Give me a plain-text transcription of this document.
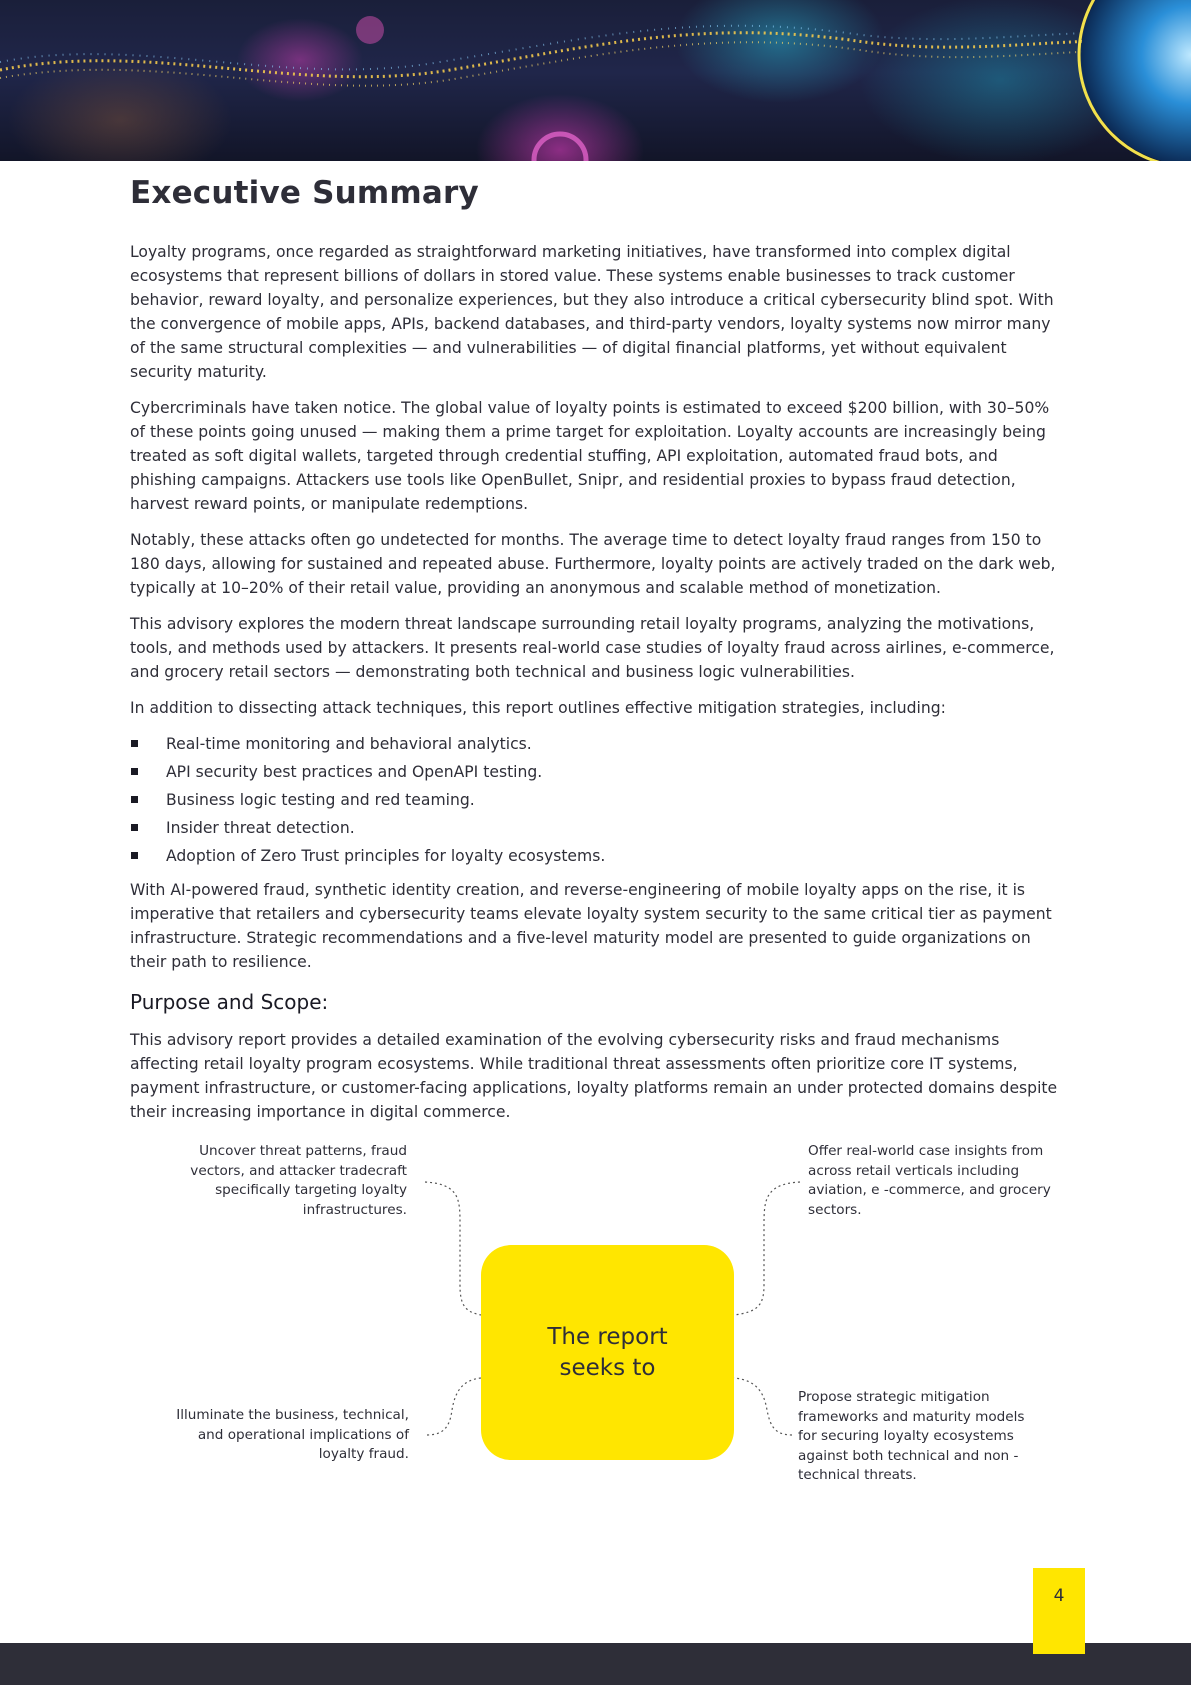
Executive Summary

Loyalty programs, once regarded as straightforward marketing initiatives, have transformed into complex digital ecosystems that represent billions of dollars in stored value. These systems enable businesses to track customer behavior, reward loyalty, and personalize experiences, but they also introduce a critical cybersecurity blind spot. With the convergence of mobile apps, APIs, backend databases, and third-party vendors, loyalty systems now mirror many of the same structural complexities — and vulnerabilities — of digital financial platforms, yet without equivalent security maturity.

Cybercriminals have taken notice. The global value of loyalty points is estimated to exceed $200 billion, with 30–50% of these points going unused — making them a prime target for exploitation. Loyalty accounts are increasingly being treated as soft digital wallets, targeted through credential stuffing, API exploitation, automated fraud bots, and phishing campaigns. Attackers use tools like OpenBullet, Snipr, and residential proxies to bypass fraud detection, harvest reward points, or manipulate redemptions.

Notably, these attacks often go undetected for months. The average time to detect loyalty fraud ranges from 150 to 180 days, allowing for sustained and repeated abuse. Furthermore, loyalty points are actively traded on the dark web, typically at 10–20% of their retail value, providing an anonymous and scalable method of monetization.

This advisory explores the modern threat landscape surrounding retail loyalty programs, analyzing the motivations, tools, and methods used by attackers. It presents real-world case studies of loyalty fraud across airlines, e-commerce, and grocery retail sectors — demonstrating both technical and business logic vulnerabilities.

In addition to dissecting attack techniques, this report outlines effective mitigation strategies, including:

Real-time monitoring and behavioral analytics.
API security best practices and OpenAPI testing.
Business logic testing and red teaming.
Insider threat detection.
Adoption of Zero Trust principles for loyalty ecosystems.

With AI-powered fraud, synthetic identity creation, and reverse-engineering of mobile loyalty apps on the rise, it is imperative that retailers and cybersecurity teams elevate loyalty system security to the same critical tier as payment infrastructure. Strategic recommendations and a five-level maturity model are presented to guide organizations on their path to resilience.

Purpose and Scope:

This advisory report provides a detailed examination of the evolving cybersecurity risks and fraud mechanisms affecting retail loyalty program ecosystems. While traditional threat assessments often prioritize core IT systems, payment infrastructure, or customer-facing applications, loyalty platforms remain an under protected domains despite their increasing importance in digital commerce.

The report seeks to
Uncover threat patterns, fraud vectors, and attacker tradecraft specifically targeting loyalty infrastructures.
Offer real-world case insights from across retail verticals including aviation, e -commerce, and grocery sectors.
Illuminate the business, technical, and operational implications of loyalty fraud.
Propose strategic mitigation frameworks and maturity models for securing loyalty ecosystems against both technical and non - technical threats.
4
